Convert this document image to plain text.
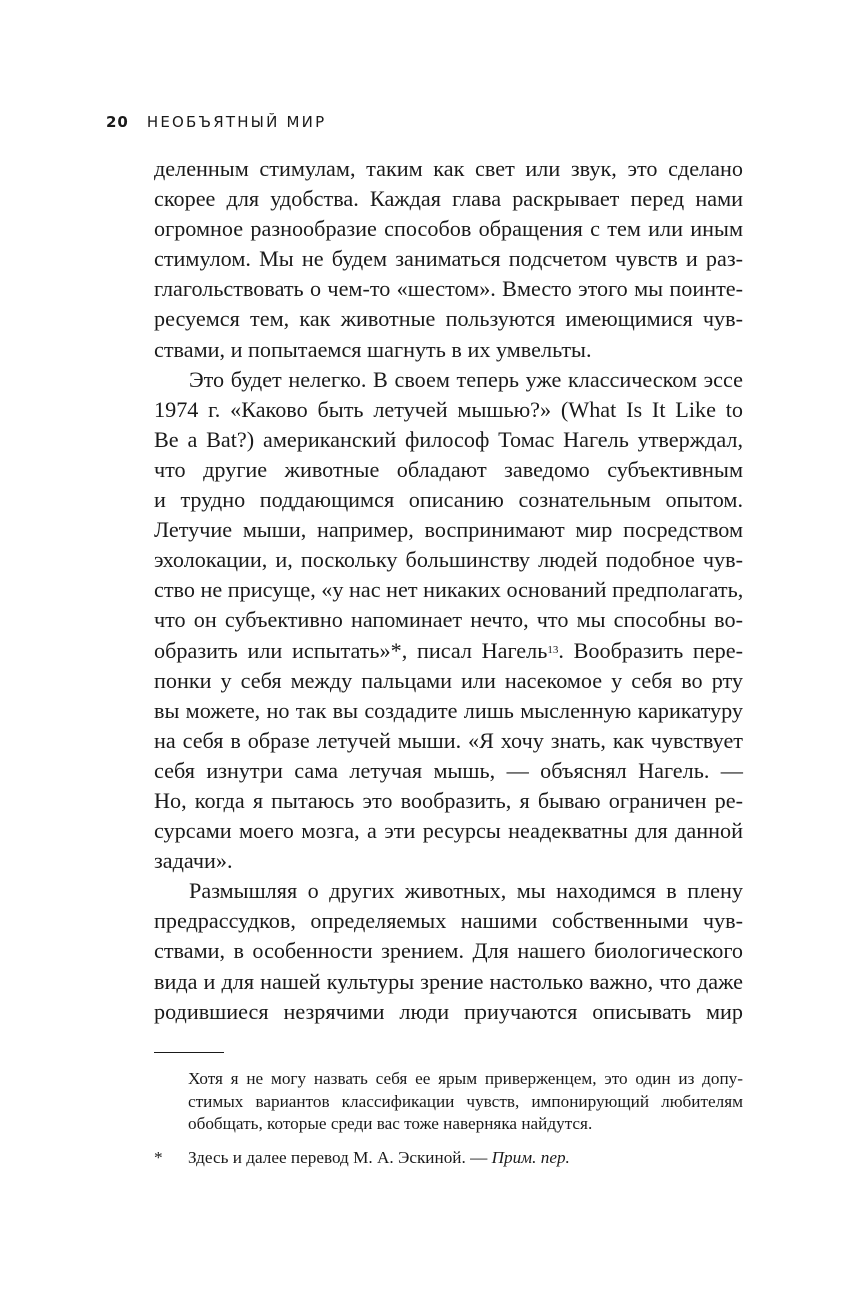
20 НЕОБЪЯТНЫЙ МИР
деленным стимулам, таким как свет или звук, это сделано
скорее для удобства. Каждая глава раскрывает перед нами
огромное разнообразие способов обращения с тем или иным
стимулом. Мы не будем заниматься подсчетом чувств и раз-
глагольствовать о чем-то «шестом». Вместо этого мы поинте-
ресуемся тем, как животные пользуются имеющимися чув-
ствами, и попытаемся шагнуть в их умвельты.
Это будет нелегко. В своем теперь уже классическом эссе
1974 г. «Каково быть летучей мышью?» (What Is It Like to
Be a Bat?) американский философ Томас Нагель утверждал,
что другие животные обладают заведомо субъективным
и трудно поддающимся описанию сознательным опытом.
Летучие мыши, например, воспринимают мир посредством
эхолокации, и, поскольку большинству людей подобное чув-
ство не присуще, «у нас нет никаких оснований предполагать,
что он субъективно напоминает нечто, что мы способны во-
образить или испытать»*, писал Нагель$^{13}$. Вообразить пере-
понки у себя между пальцами или насекомое у себя во рту
вы можете, но так вы создадите лишь мысленную карикатуру
на себя в образе летучей мыши. «Я хочу знать, как чувствует
себя изнутри сама летучая мышь, — объяснял Нагель. —
Но, когда я пытаюсь это вообразить, я бываю ограничен ре-
сурсами моего мозга, а эти ресурсы неадекватны для данной
задачи».
Размышляя о других животных, мы находимся в плену
предрассудков, определяемых нашими собственными чув-
ствами, в особенности зрением. Для нашего биологического
вида и для нашей культуры зрение настолько важно, что даже
родившиеся незрячими люди приучаются описывать мир
Хотя я не могу назвать себя ее ярым приверженцем, это один из допу-
стимых вариантов классификации чувств, импонирующий любителям
обобщать, которые среди вас тоже наверняка найдутся.
*	Здесь и далее перевод М. А. Эскиной. — Прим. пер.
